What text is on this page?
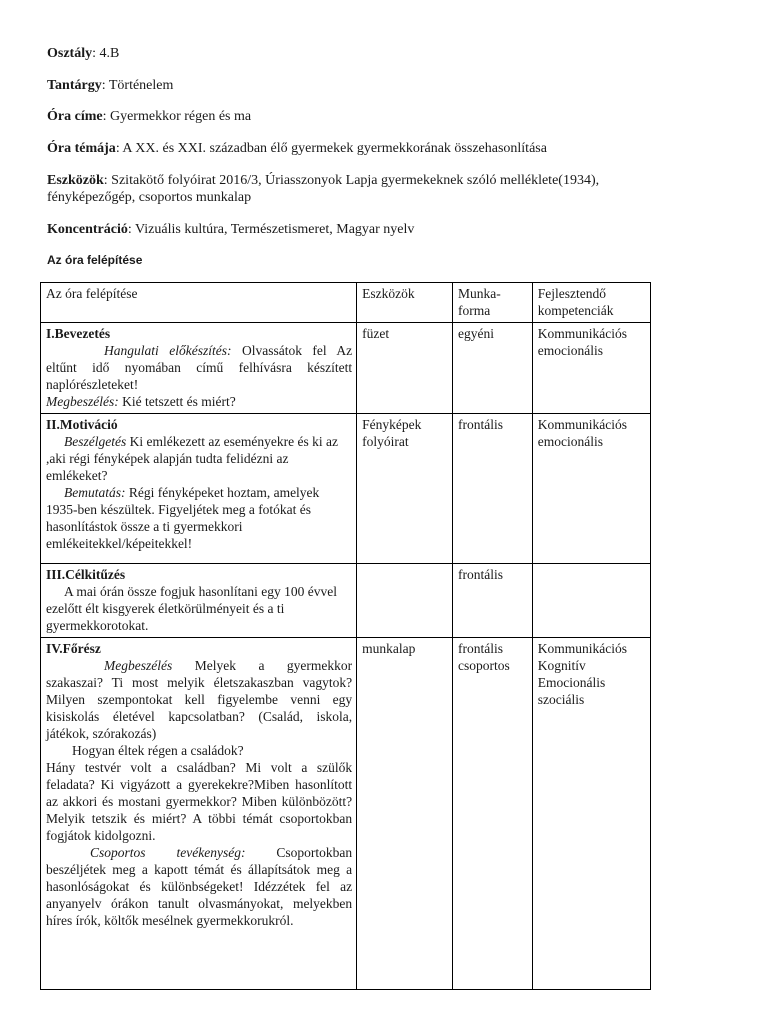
Osztály: 4.B
Tantárgy: Történelem
Óra címe: Gyermekkor régen és ma
Óra témája: A XX. és XXI. században élő gyermekek gyermekkorának összehasonlítása
Eszközök: Szitakötő folyóirat 2016/3, Úriasszonyok Lapja gyermekeknek szóló melléklete(1934), fényképezőgép, csoportos munkalap
Koncentráció: Vizuális kultúra, Természetismeret, Magyar nyelv
Az óra felépítése
Az óra felépítése	Eszközök	Munka-forma	Fejlesztendő kompetenciák

I.Bevezetés
Hangulati előkészítés: Olvassátok fel Az eltűnt idő nyomában című felhívásra készített naplórészleteket!
Megbeszélés: Kié tetszett és miért?	füzet	egyéni	Kommunikációs emocionális

II.Motiváció
Beszélgetés Ki emlékezett az eseményekre és ki az ,aki régi fényképek alapján tudta felidézni az emlékeket?
Bemutatás: Régi fényképeket hoztam, amelyek 1935-ben készültek. Figyeljétek meg a fotókat és hasonlítástok össze a ti gyermekkori emlékeitekkel/képeitekkel!	Fényképek folyóirat	frontális	Kommunikációs emocionális

III.Célkitűzés
A mai órán össze fogjuk hasonlítani egy 100 évvel ezelőtt élt kisgyerek életkörülményeit és a ti gyermekkorotokat.		frontális	

IV.Főrész
Megbeszélés Melyek a gyermekkor szakaszai? Ti most melyik életszakaszban vagytok? Milyen szempontokat kell figyelembe venni egy kisiskolás életével kapcsolatban? (Család, iskola, játékok, szórakozás)
Hogyan éltek régen a családok?
Hány testvér volt a családban? Mi volt a szülők feladata? Ki vigyázott a gyerekekre?Miben hasonlított az akkori és mostani gyermekkor? Miben különbözött? Melyik tetszik és miért? A többi témát csoportokban fogjátok kidolgozni.
Csoportos tevékenység: Csoportokban beszéljétek meg a kapott témát és állapítsátok meg a hasonlóságokat és különbségeket! Idézzétek fel az anyanyelv órákon tanult olvasmányokat, melyekben híres írók, költők mesélnek gyermekkorukról.	munkalap	frontális csoportos	Kommunikációs Kognitív Emocionális szociális
